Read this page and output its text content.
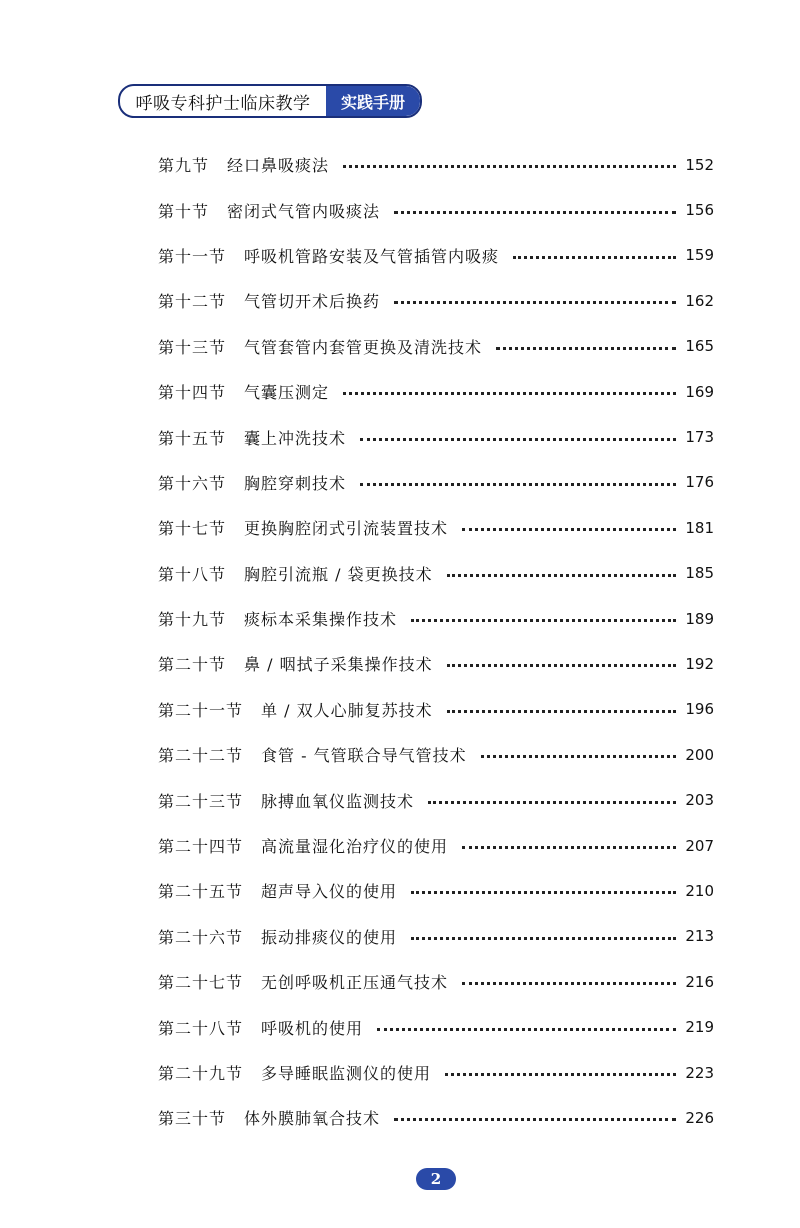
呼吸专科护士临床教学	实践手册
第九节 经口鼻吸痰法	152
第十节 密闭式气管内吸痰法	156
第十一节 呼吸机管路安装及气管插管内吸痰	159
第十二节 气管切开术后换药	162
第十三节 气管套管内套管更换及清洗技术	165
第十四节 气囊压测定	169
第十五节 囊上冲洗技术	173
第十六节 胸腔穿刺技术	176
第十七节 更换胸腔闭式引流装置技术	181
第十八节 胸腔引流瓶 / 袋更换技术	185
第十九节 痰标本采集操作技术	189
第二十节 鼻 / 咽拭子采集操作技术	192
第二十一节 单 / 双人心肺复苏技术	196
第二十二节 食管 - 气管联合导气管技术	200
第二十三节 脉搏血氧仪监测技术	203
第二十四节 高流量湿化治疗仪的使用	207
第二十五节 超声导入仪的使用	210
第二十六节 振动排痰仪的使用	213
第二十七节 无创呼吸机正压通气技术	216
第二十八节 呼吸机的使用	219
第二十九节 多导睡眠监测仪的使用	223
第三十节 体外膜肺氧合技术	226
2
